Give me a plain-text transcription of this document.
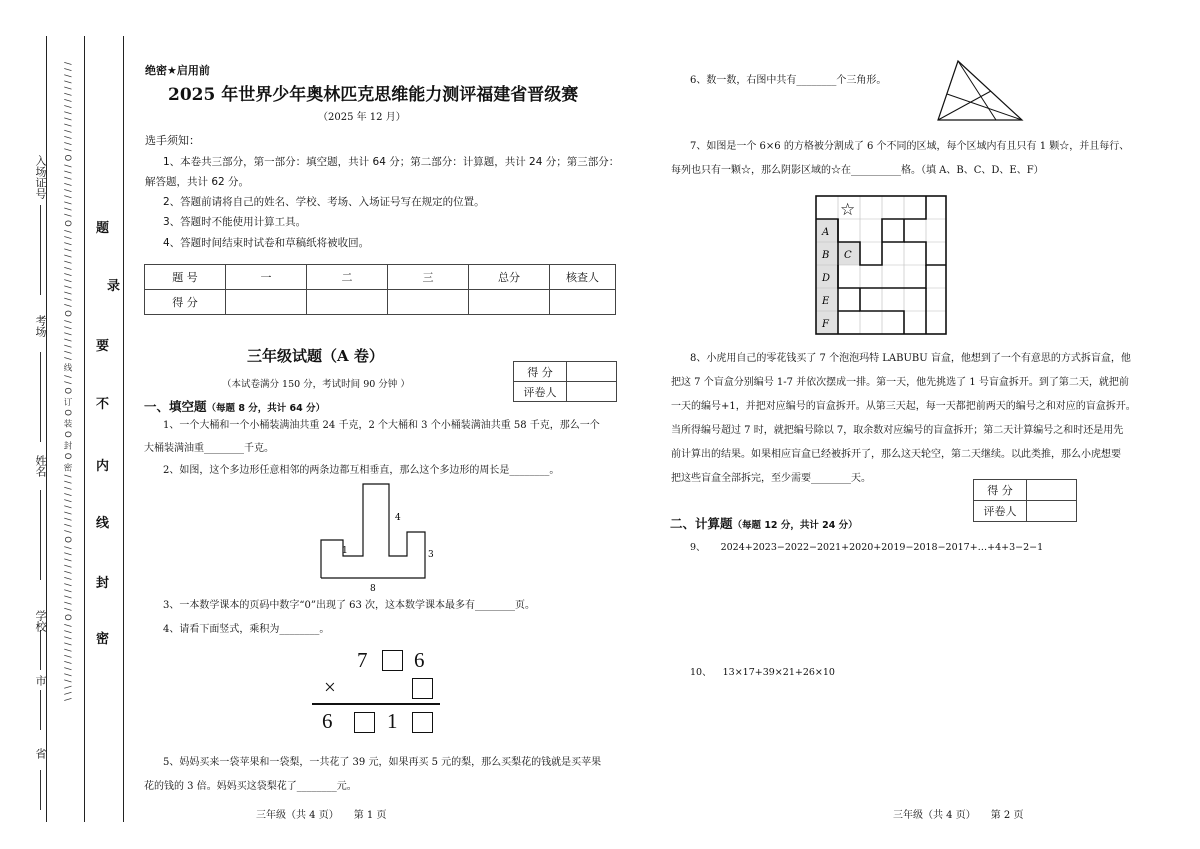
入场证号
考场
姓名
学校
市
省
/ / / / / / / / / / / / / / / O / / / / / / / / / O / / / / / / / / / / / / / O / / / / / / / 线 / / O 订 O 装 O 封 O 密 / / / / / / / / / / O / / / / / / / / / / / O / / / / / / / / / / \ \ \ 密
封
线
内
不
要
录
题
绝密★启用前
2025 年世界少年奥林匹克思维能力测评福建省晋级赛
（2025 年 12 月）
选手须知：
1、本卷共三部分，第一部分：填空题，共计 64 分；第二部分：计算题，共计 24 分；第三部分：
解答题，共计 62 分。
2、答题前请将自己的姓名、学校、考场、入场证号写在规定的位置。
3、答题时不能使用计算工具。
4、答题时间结束时试卷和草稿纸将被收回。
题 号	一	二	三	总分	核查人
得 分					
三年级试题（A 卷）
（本试卷满分 150 分，考试时间 90 分钟 ）
得 分	
评卷人	
一、填空题（每题 8 分，共计 64 分）
1、一个大桶和一个小桶装满油共重 24 千克，2 个大桶和 3 个小桶装满油共重 58 千克，那么一个
大桶装满油重________千克。
2、如图，这个多边形任意相邻的两条边都互相垂直，那么这个多边形的周长是________。
4
1	3
8
3、一本数学课本的页码中数字“0”出现了 63 次，这本数学课本最多有________页。
4、请看下面竖式，乘积为________。
7 6
×
6	1
5、妈妈买来一袋苹果和一袋梨，一共花了 39 元，如果再买 5 元的梨，那么买梨花的钱就是买苹果
花的钱的 3 倍。妈妈买这袋梨花了________元。
三年级（共 4 页）　　第 1 页
6、数一数，右图中共有________个三角形。
7、如图是一个 6×6 的方格被分割成了 6 个不同的区域，每个区域内有且只有 1 颗☆，并且每行、
每列也只有一颗☆，那么阴影区域的☆在__________格。（填 A、B、C、D、E、F）
☆
A
B C
D
E
F
8、小虎用自己的零花钱买了 7 个泡泡玛特 LABUBU 盲盒，他想到了一个有意思的方式拆盲盒，他
把这 7 个盲盒分别编号 1-7 并依次摆成一排。第一天，他先挑选了 1 号盲盒拆开。到了第二天，就把前
一天的编号+1，并把对应编号的盲盒拆开。从第三天起，每一天都把前两天的编号之和对应的盲盒拆开。
当所得编号超过 7 时，就把编号除以 7，取余数对应编号的盲盒拆开；第二天计算编号之和时还是用先
前计算出的结果。如果相应盲盒已经被拆开了，那么这天轮空，第二天继续。以此类推，那么小虎想要
把这些盲盒全部拆完，至少需要________天。
得 分	
评卷人	
二、计算题（每题 12 分，共计 24 分）
9、 2024+2023−2022−2021+2020+2019−2018−2017+…+4+3−2−1
10、 13×17+39×21+26×10
三年级（共 4 页）　　第 2 页
